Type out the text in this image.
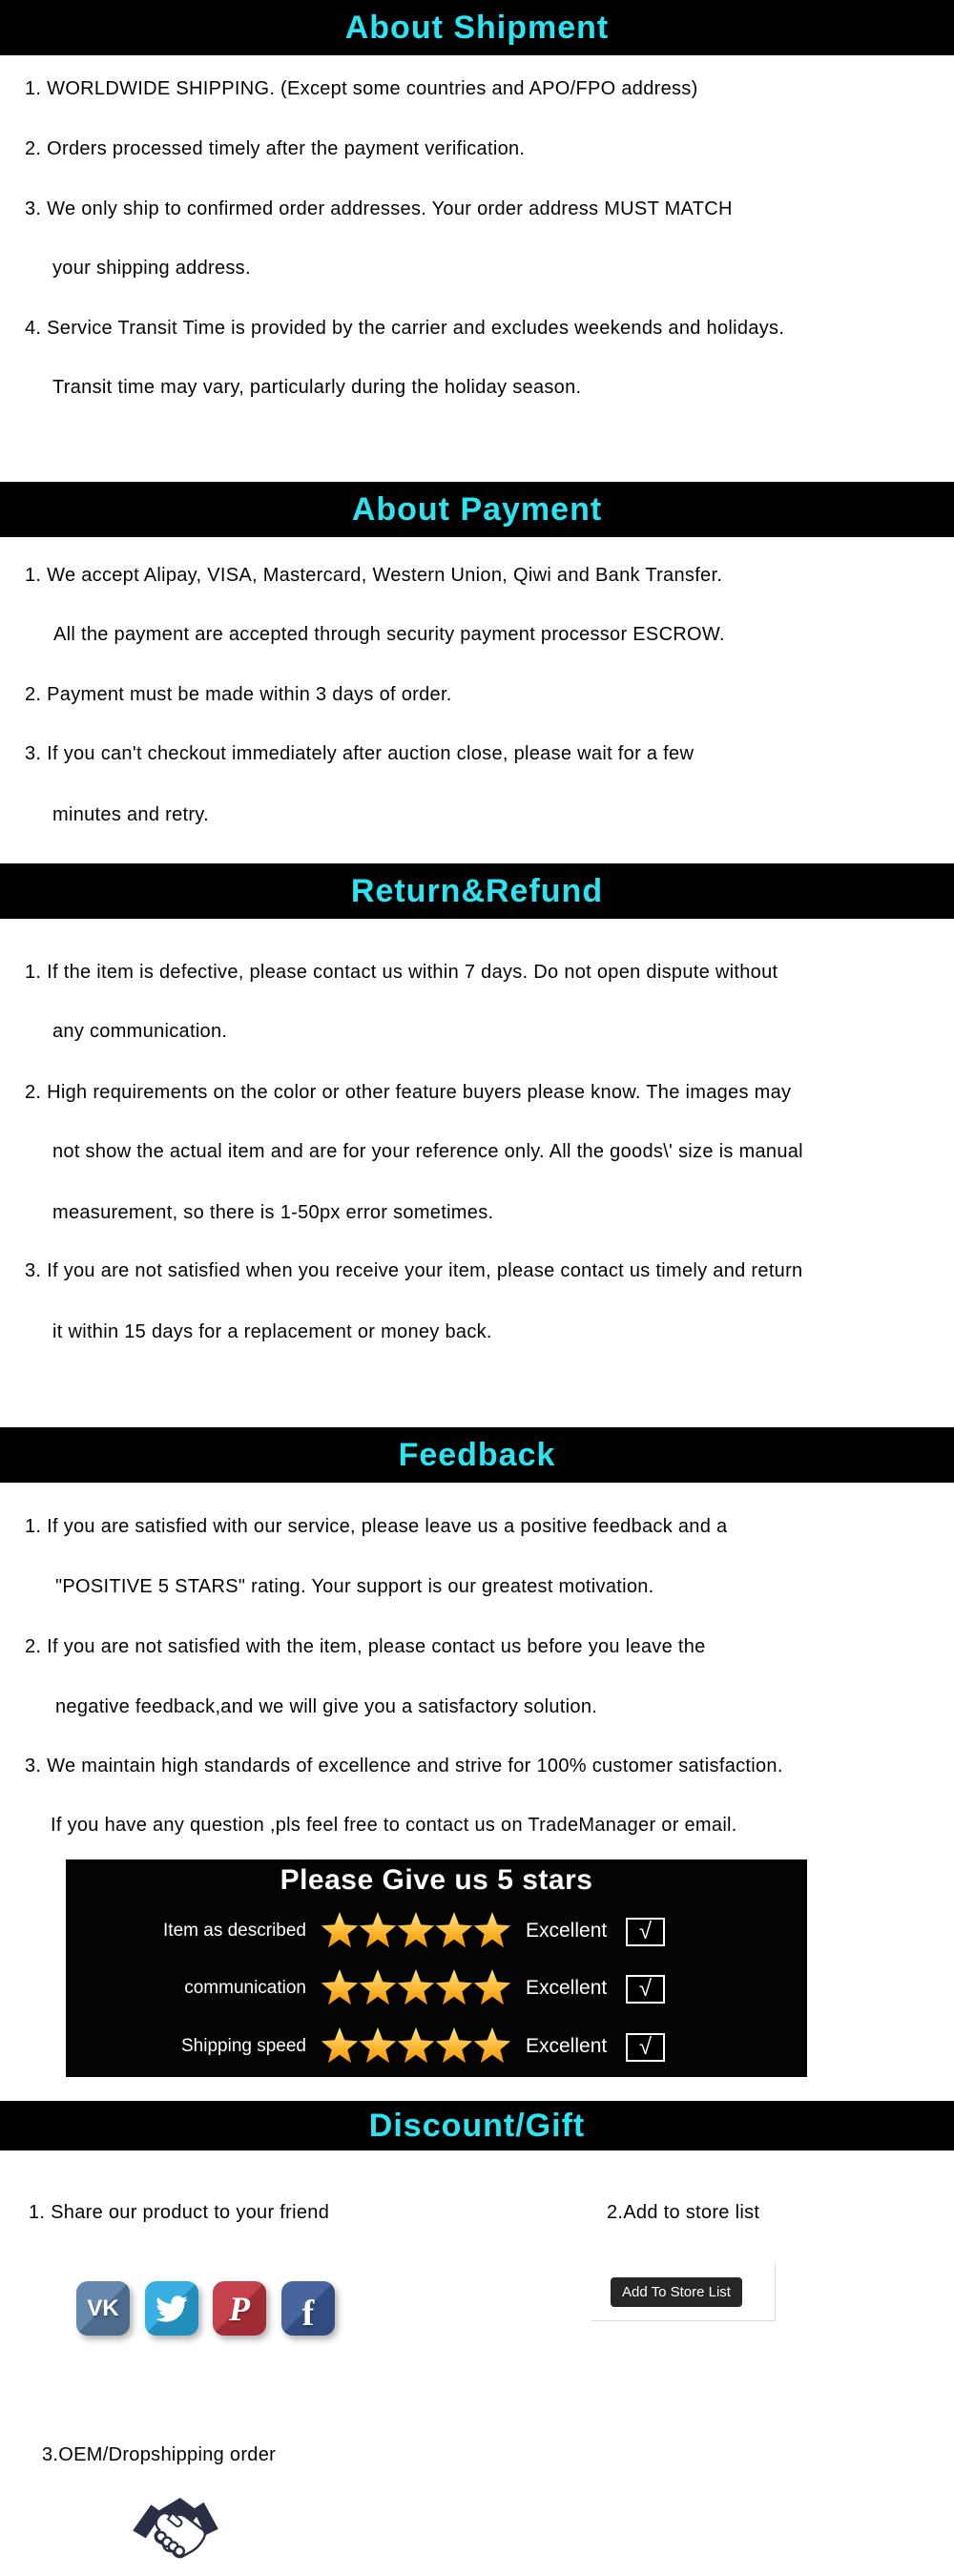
About Shipment
1. WORLDWIDE SHIPPING. (Except some countries and APO/FPO address)
2. Orders processed timely after the payment verification.
3. We only ship to confirmed order addresses. Your order address MUST MATCH
your shipping address.
4. Service Transit Time is provided by the carrier and excludes weekends and holidays.
Transit time may vary, particularly during the holiday season.
About Payment
1. We accept Alipay, VISA, Mastercard, Western Union, Qiwi and Bank Transfer.
All the payment are accepted through security payment processor ESCROW.
2. Payment must be made within 3 days of order.
3. If you can't checkout immediately after auction close, please wait for a few
minutes and retry.
Return&Refund
1. If the item is defective, please contact us within 7 days. Do not open dispute without
any communication.
2. High requirements on the color or other feature buyers please know. The images may
not show the actual item and are for your reference only. All the goods\' size is manual
measurement, so there is 1-50px error sometimes.
3. If you are not satisfied when you receive your item, please contact us timely and return
it within 15 days for a replacement or money back.
Feedback
1. If you are satisfied with our service, please leave us a positive feedback and a
"POSITIVE 5 STARS" rating. Your support is our greatest motivation.
2. If you are not satisfied with the item, please contact us before you leave the
negative feedback,and we will give you a satisfactory solution.
3. We maintain high standards of excellence and strive for 100% customer satisfaction.
If you have any question ,pls feel free to contact us on TradeManager or email.
Please Give us 5 stars
Item as described	Excellent	√
communication	Excellent	√
Shipping speed	Excellent	√
Discount/Gift
1. Share our product to your friend	2.Add to store list
VK	P f
Add To Store List
3.OEM/Dropshipping order
